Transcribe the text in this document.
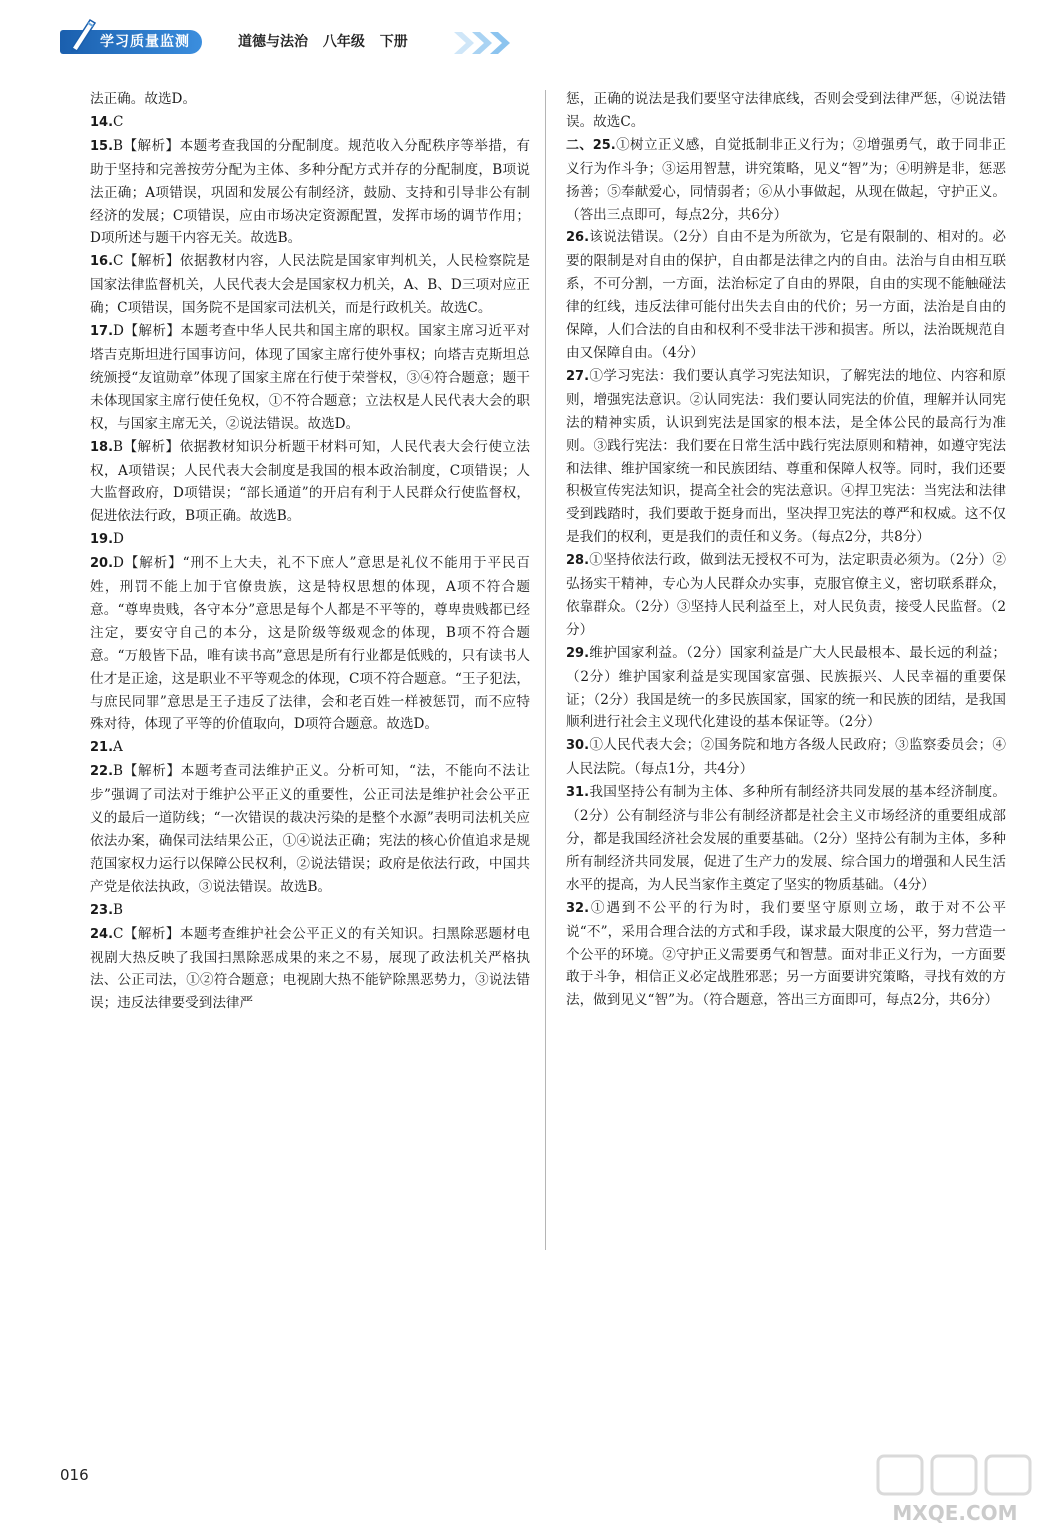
学习质量监测	道德与法治 八年级 下册

法正确。故选D。

14.C

15.B【解析】本题考查我国的分配制度。规范收入分配秩序等举措，有助于坚持和完善按劳分配为主体、多种分配方式并存的分配制度，B项说法正确；A项错误，巩固和发展公有制经济，鼓励、支持和引导非公有制经济的发展；C项错误，应由市场决定资源配置，发挥市场的调节作用；D项所述与题干内容无关。故选B。

16.C【解析】依据教材内容，人民法院是国家审判机关，人民检察院是国家法律监督机关，人民代表大会是国家权力机关，A、B、D三项对应正确；C项错误，国务院不是国家司法机关，而是行政机关。故选C。

17.D【解析】本题考查中华人民共和国主席的职权。国家主席习近平对塔吉克斯坦进行国事访问，体现了国家主席行使外事权；向塔吉克斯坦总统颁授“友谊勋章”体现了国家主席在行使于荣誉权，③④符合题意；题干未体现国家主席行使任免权，①不符合题意；立法权是人民代表大会的职权，与国家主席无关，②说法错误。故选D。

18.B【解析】依据教材知识分析题干材料可知，人民代表大会行使立法权，A项错误；人民代表大会制度是我国的根本政治制度，C项错误；人大监督政府，D项错误；“部长通道”的开启有利于人民群众行使监督权，促进依法行政，B项正确。故选B。

19.D

20.D【解析】“刑不上大夫，礼不下庶人”意思是礼仪不能用于平民百姓，刑罚不能上加于官僚贵族，这是特权思想的体现，A项不符合题意。“尊卑贵贱，各守本分”意思是每个人都是不平等的，尊卑贵贱都已经注定，要安守自己的本分，这是阶级等级观念的体现，B项不符合题意。“万般皆下品，唯有读书高”意思是所有行业都是低贱的，只有读书人仕才是正途，这是职业不平等观念的体现，C项不符合题意。“王子犯法，与庶民同罪”意思是王子违反了法律，会和老百姓一样被惩罚，而不应特殊对待，体现了平等的价值取向，D项符合题意。故选D。

21.A

22.B【解析】本题考查司法维护正义。分析可知，“法，不能向不法让步”强调了司法对于维护公平正义的重要性，公正司法是维护社会公平正义的最后一道防线；“一次错误的裁决污染的是整个水源”表明司法机关应依法办案，确保司法结果公正，①④说法正确；宪法的核心价值追求是规范国家权力运行以保障公民权利，②说法错误；政府是依法行政，中国共产党是依法执政，③说法错误。故选B。

23.B

24.C【解析】本题考查维护社会公平正义的有关知识。扫黑除恶题材电视剧大热反映了我国扫黑除恶成果的来之不易，展现了政法机关严格执法、公正司法，①②符合题意；电视剧大热不能铲除黑恶势力，③说法错误；违反法律要受到法律严

惩，正确的说法是我们要坚守法律底线，否则会受到法律严惩，④说法错误。故选C。

二、25.①树立正义感，自觉抵制非正义行为；②增强勇气，敢于同非正义行为作斗争；③运用智慧，讲究策略，见义“智”为；④明辨是非，惩恶扬善；⑤奉献爱心，同情弱者；⑥从小事做起，从现在做起，守护正义。（答出三点即可，每点2分，共6分）

26.该说法错误。（2分）自由不是为所欲为，它是有限制的、相对的。必要的限制是对自由的保护，自由都是法律之内的自由。法治与自由相互联系，不可分割，一方面，法治标定了自由的界限，自由的实现不能触碰法律的红线，违反法律可能付出失去自由的代价；另一方面，法治是自由的保障，人们合法的自由和权利不受非法干涉和损害。所以，法治既规范自由又保障自由。（4分）

27.①学习宪法：我们要认真学习宪法知识，了解宪法的地位、内容和原则，增强宪法意识。②认同宪法：我们要认同宪法的价值，理解并认同宪法的精神实质，认识到宪法是国家的根本法，是全体公民的最高行为准则。③践行宪法：我们要在日常生活中践行宪法原则和精神，如遵守宪法和法律、维护国家统一和民族团结、尊重和保障人权等。同时，我们还要积极宣传宪法知识，提高全社会的宪法意识。④捍卫宪法：当宪法和法律受到践踏时，我们要敢于挺身而出，坚决捍卫宪法的尊严和权威。这不仅是我们的权利，更是我们的责任和义务。（每点2分，共8分）

28.①坚持依法行政，做到法无授权不可为，法定职责必须为。（2分）②弘扬实干精神，专心为人民群众办实事，克服官僚主义，密切联系群众，依靠群众。（2分）③坚持人民利益至上，对人民负责，接受人民监督。（2分）

29.维护国家利益。（2分）国家利益是广大人民最根本、最长远的利益；（2分）维护国家利益是实现国家富强、民族振兴、人民幸福的重要保证；（2分）我国是统一的多民族国家，国家的统一和民族的团结，是我国顺利进行社会主义现代化建设的基本保证等。（2分）

30.①人民代表大会；②国务院和地方各级人民政府；③监察委员会；④人民法院。（每点1分，共4分）

31.我国坚持公有制为主体、多种所有制经济共同发展的基本经济制度。（2分）公有制经济与非公有制经济都是社会主义市场经济的重要组成部分，都是我国经济社会发展的重要基础。（2分）坚持公有制为主体，多种所有制经济共同发展，促进了生产力的发展、综合国力的增强和人民生活水平的提高，为人民当家作主奠定了坚实的物质基础。（4分）

32.①遇到不公平的行为时，我们要坚守原则立场，敢于对不公平说“不”，采用合理合法的方式和手段，谋求最大限度的公平，努力营造一个公平的环境。②守护正义需要勇气和智慧。面对非正义行为，一方面要敢于斗争，相信正义必定战胜邪恶；另一方面要讲究策略，寻找有效的方法，做到见义“智”为。（符合题意，答出三方面即可，每点2分，共6分）

016
MXQE.COM
